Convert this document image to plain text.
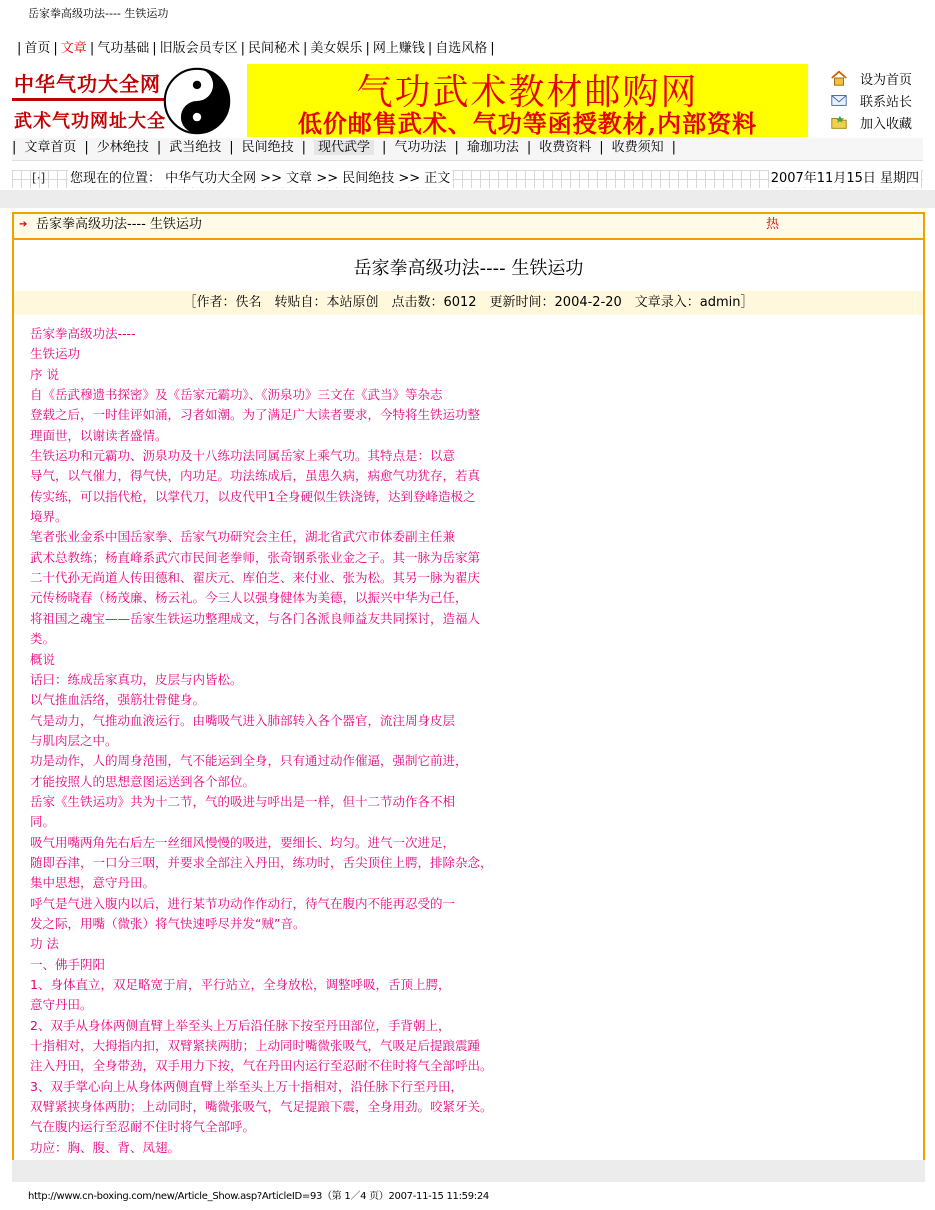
岳家拳高级功法---- 生铁运功
| 首页 | 文章 | 气功基础 | 旧版会员专区 | 民间秘术 | 美女娱乐 | 网上赚钱 | 自选风格 |
中华气功大全网
武术气功网址大全
气功武术教材邮购网
低价邮售武术、气功等函授教材,内部资料
设为首页
联系站长
加入收藏
| 文章首页 | 少林绝技 | 武当绝技 | 民间绝技 | 现代武学 | 气功功法 | 瑜珈功法 | 收费资料 | 收费须知 |
[·] 您现在的位置： 中华气功大全网 >> 文章 >> 民间绝技 >> 正文	2007年11月15日 星期四
➔ 岳家拳高级功法---- 生铁运功	热
岳家拳高级功法---- 生铁运功
［作者：佚名　转贴自：本站原创　点击数：6012　更新时间：2004-2-20　文章录入：admin］

岳家拳高级功法----

生铁运功

序 说

自《岳武穆遗书探密》及《岳家元霸功》、《沥泉功》三文在《武当》等杂志

登载之后，一时佳评如涌，习者如潮。为了满足广大读者要求，今特将生铁运功整

理面世，以谢读者盛情。

生铁运功和元霸功、沥泉功及十八练功法同属岳家上乘气功。其特点是：以意

导气，以气催力，得气快，内功足。功法练成后，虽患久病，病愈气功犹存，若真

传实练，可以指代枪，以掌代刀，以皮代甲1全身硬似生铁浇铸，达到登峰造极之

境界。

笔者张业金系中国岳家拳、岳家气功研究会主任，湖北省武穴市体委副主任兼

武术总教练；杨直峰系武穴市民间老拳师，张奇钢系张业金之子。其一脉为岳家第

二十代孙无尚道人传田德和、翟庆元、库伯芝、来付业、张为松。其另一脉为翟庆

元传杨晓春（杨茂廉、杨云礼。今三人以强身健体为美德，以振兴中华为己任，

将祖国之魂宝——岳家生铁运功整理成文，与各门各派良师益友共同探讨，造福人

类。

概说

话曰：练成岳家真功，皮层与内皆松。

以气推血活络，强筋壮骨健身。

气是动力，气推动血液运行。由嘴吸气进入肺部转入各个器官，流注周身皮层

与肌肉层之中。

功是动作，人的周身范围，气不能运到全身，只有通过动作催逼，强制它前进，

才能按照人的思想意图运送到各个部位。

岳家《生铁运功》共为十二节，气的吸进与呼出是一样，但十二节动作各不相

同。

吸气用嘴两角先右后左一丝细风慢慢的吸进，要细长、均匀。进气一次进足，

随即吞津，一口分三咽，并要求全部注入丹田，练功时，舌尖顶住上腭，排除杂念，

集中思想，意守丹田。

呼气是气进入腹内以后，进行某节功动作作动行，待气在腹内不能再忍受的一

发之际，用嘴（微张）将气快速呼尽并发“贼”音。

功 法

一、佛手阴阳

1、身体直立，双足略宽于肩，平行站立，全身放松，调整呼吸，舌顶上腭，

意守丹田。

2、双手从身体两侧直臂上举至头上万后沿任脉下按至丹田部位，手背朝上，

十指相对，大拇指内扣，双臂紧挟两肋；上动同时嘴微张吸气，气吸足后提踉震踵

注入丹田，全身带劲，双手用力下按，气在丹田内运行至忍耐不住时将气全部呼出。

3、双手掌心向上从身体两侧直臂上举至头上万十指相对，沿任脉下行至丹田，

双臂紧挟身体两肋；上动同时，嘴微张吸气，气足提踉下震，全身用劲。咬紧牙关。

气在腹内运行至忍耐不住时将气全部呼。

功应：胸、腹、背、凤翅。

http://www.cn-boxing.com/new/Article_Show.asp?ArticleID=93（第 1／4 页）2007-11-15 11:59:24
